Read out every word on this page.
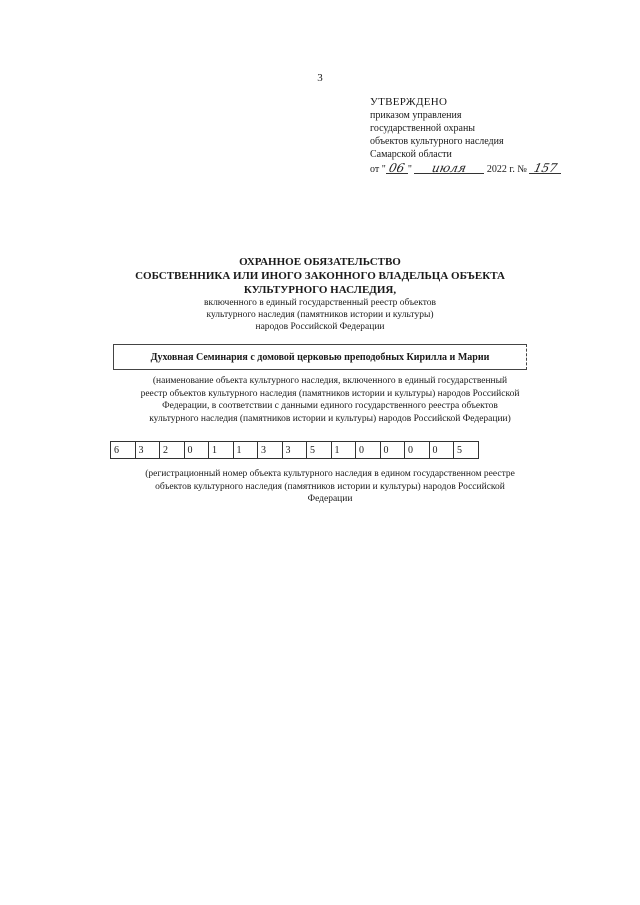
3
УТВЕРЖДЕНО
приказом управления
государственной охраны
объектов культурного наследия
Самарской области
от " 06 " июля 2022 г. № 157
ОХРАННОЕ ОБЯЗАТЕЛЬСТВО
СОБСТВЕННИКА ИЛИ ИНОГО ЗАКОННОГО ВЛАДЕЛЬЦА ОБЪЕКТА
КУЛЬТУРНОГО НАСЛЕДИЯ,
включенного в единый государственный реестр объектов
культурного наследия (памятников истории и культуры)
народов Российской Федерации
Духовная Семинария с домовой церковью преподобных Кирилла и Марии
(наименование объекта культурного наследия, включенного в единый государственный
реестр объектов культурного наследия (памятников истории и культуры) народов Российской
Федерации, в соответствии с данными единого государственного реестра объектов
культурного наследия (памятников истории и культуры) народов Российской Федерации)
6	3	2	0	1	1	3	3	5	1	0	0	0	0	5
(регистрационный номер объекта культурного наследия в едином государственном реестре
объектов культурного наследия (памятников истории и культуры) народов Российской
Федерации
